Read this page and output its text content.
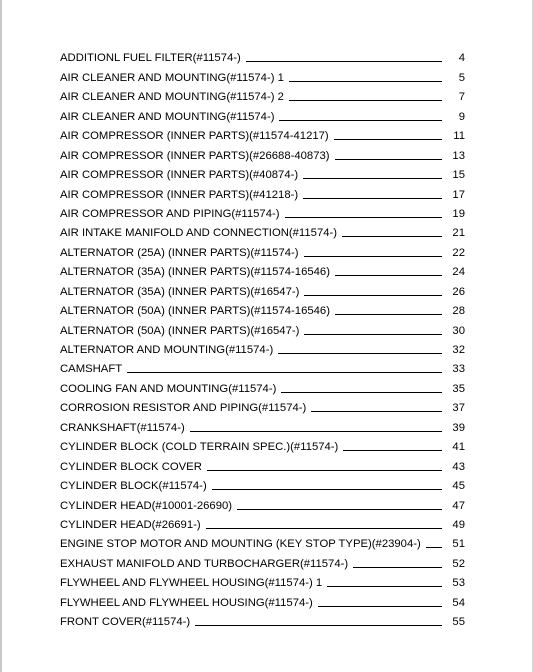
ADDITIONL FUEL FILTER(#11574-)	4
AIR CLEANER AND MOUNTING(#11574-) 1	5
AIR CLEANER AND MOUNTING(#11574-) 2	7
AIR CLEANER AND MOUNTING(#11574-)	9
AIR COMPRESSOR (INNER PARTS)(#11574-41217)	11
AIR COMPRESSOR (INNER PARTS)(#26688-40873)	13
AIR COMPRESSOR (INNER PARTS)(#40874-)	15
AIR COMPRESSOR (INNER PARTS)(#41218-)	17
AIR COMPRESSOR AND PIPING(#11574-)	19
AIR INTAKE MANIFOLD AND CONNECTION(#11574-)	21
ALTERNATOR (25A) (INNER PARTS)(#11574-)	22
ALTERNATOR (35A) (INNER PARTS)(#11574-16546)	24
ALTERNATOR (35A) (INNER PARTS)(#16547-)	26
ALTERNATOR (50A) (INNER PARTS)(#11574-16546)	28
ALTERNATOR (50A) (INNER PARTS)(#16547-)	30
ALTERNATOR AND MOUNTING(#11574-)	32
CAMSHAFT	33
COOLING FAN AND MOUNTING(#11574-)	35
CORROSION RESISTOR AND PIPING(#11574-)	37
CRANKSHAFT(#11574-)	39
CYLINDER BLOCK (COLD TERRAIN SPEC.)(#11574-)	41
CYLINDER BLOCK COVER	43
CYLINDER BLOCK(#11574-)	45
CYLINDER HEAD(#10001-26690)	47
CYLINDER HEAD(#26691-)	49
ENGINE STOP MOTOR AND MOUNTING (KEY STOP TYPE)(#23904-)	51
EXHAUST MANIFOLD AND TURBOCHARGER(#11574-)	52
FLYWHEEL AND FLYWHEEL HOUSING(#11574-) 1	53
FLYWHEEL AND FLYWHEEL HOUSING(#11574-)	54
FRONT COVER(#11574-)	55
